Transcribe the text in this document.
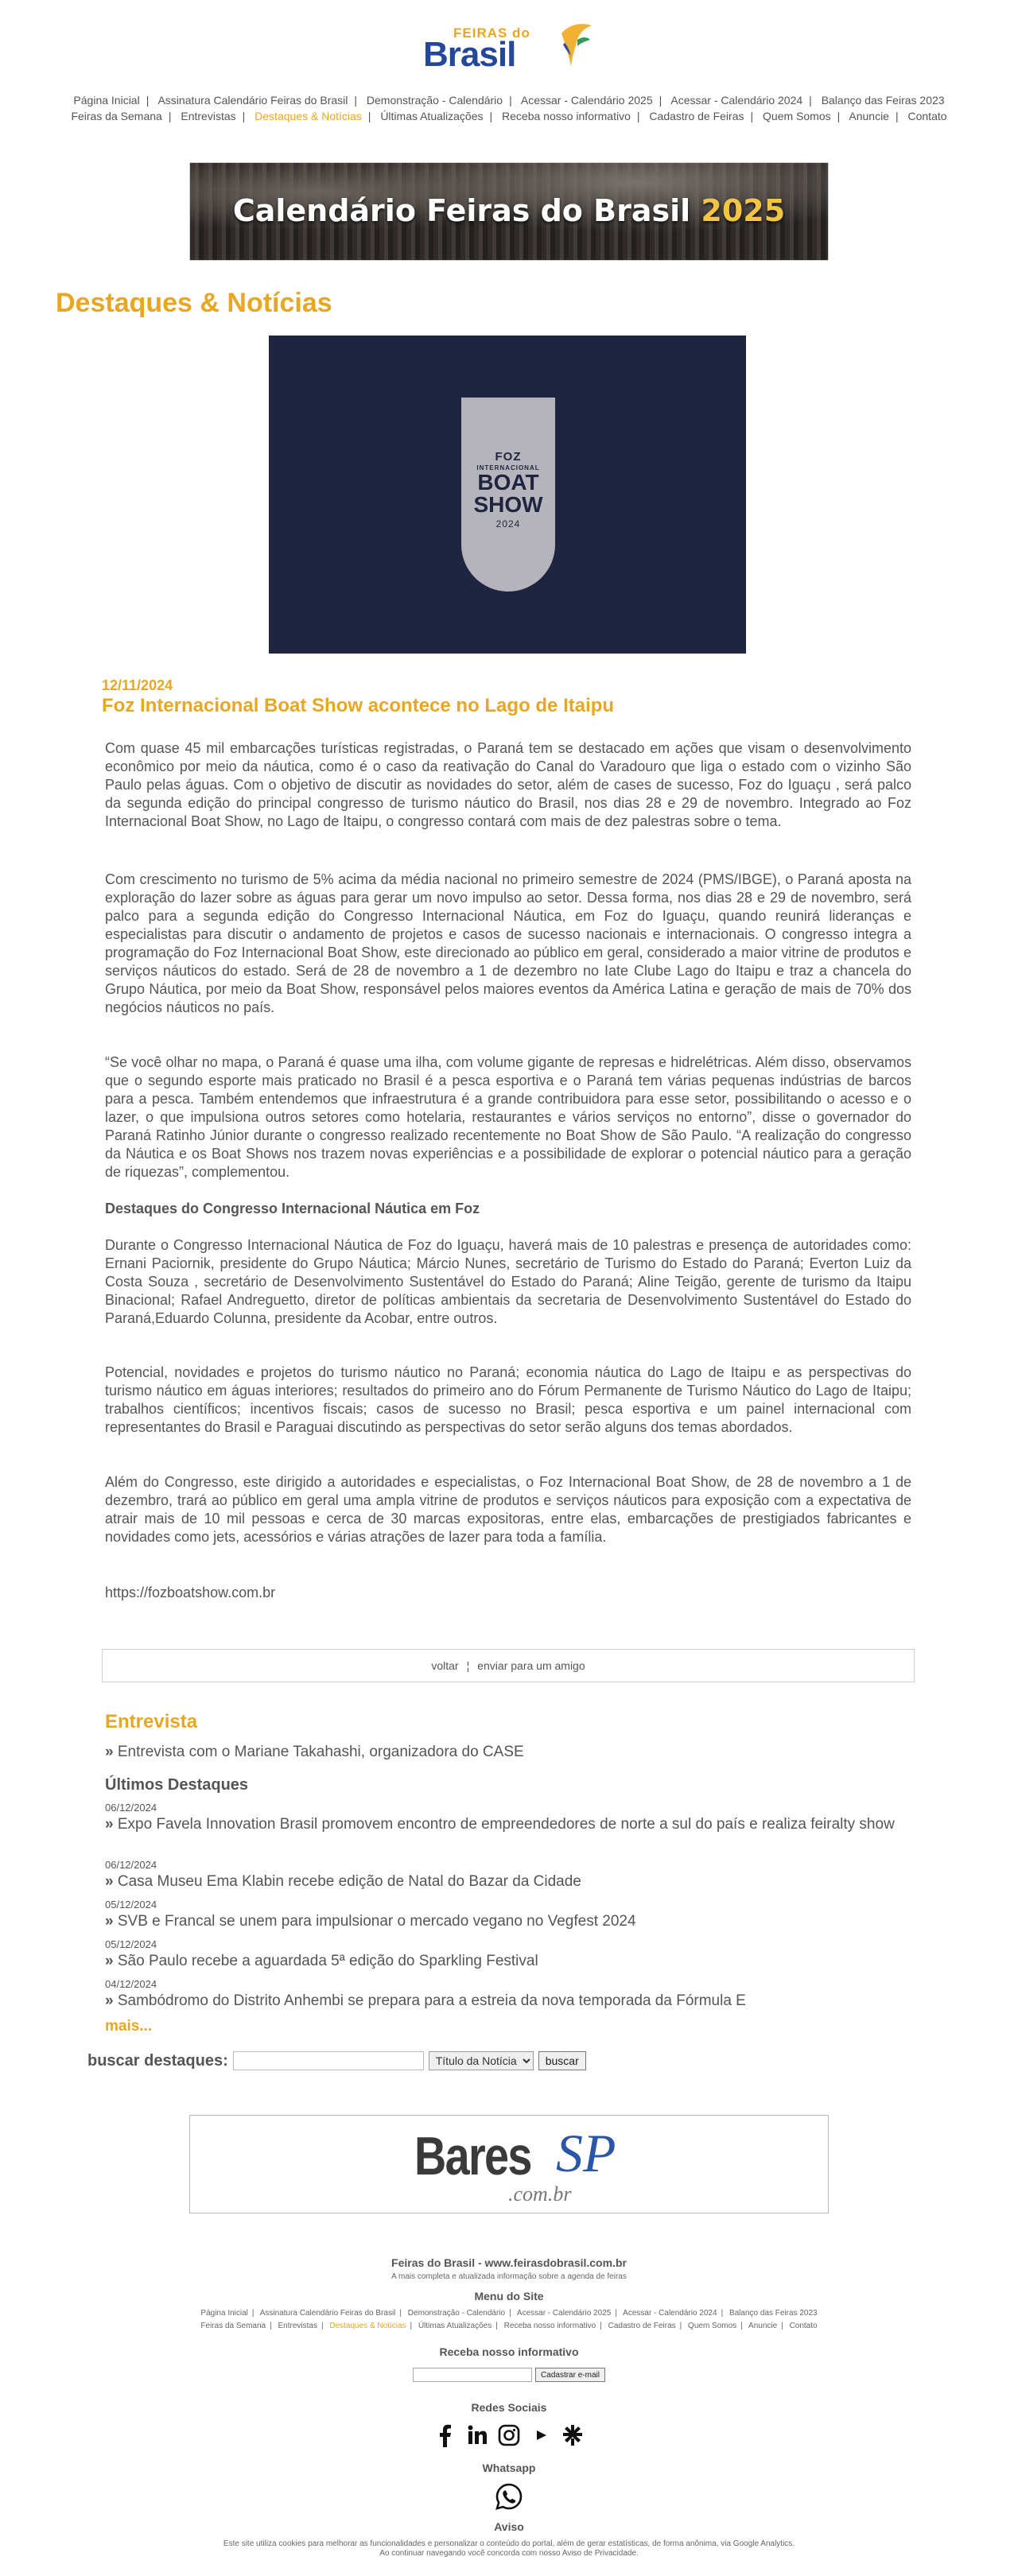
FEIRAS do
Brasil
Página Inicial | Assinatura Calendário Feiras do Brasil | Demonstração - Calendário | Acessar - Calendário 2025 | Acessar - Calendário 2024 | Balanço das Feiras 2023
Feiras da Semana | Entrevistas | Destaques & Notícias | Últimas Atualizações | Receba nosso informativo | Cadastro de Feiras | Quem Somos | Anuncie | Contato
Calendário Feiras do Brasil 2025
Destaques & Notícias
FOZ
INTERNACIONAL
BOAT
SHOW
2024
12/11/2024
Foz Internacional Boat Show acontece no Lago de Itaipu

Com quase 45 mil embarcações turísticas registradas, o Paraná tem se destacado em ações que visam o desenvolvimento econômico por meio da náutica, como é o caso da reativação do Canal do Varadouro que liga o estado com o vizinho São Paulo pelas águas. Com o objetivo de discutir as novidades do setor, além de cases de sucesso, Foz do Iguaçu , será palco da segunda edição do principal congresso de turismo náutico do Brasil, nos dias 28 e 29 de novembro. Integrado ao Foz Internacional Boat Show, no Lago de Itaipu, o congresso contará com mais de dez palestras sobre o tema.

Com crescimento no turismo de 5% acima da média nacional no primeiro semestre de 2024 (PMS/IBGE), o Paraná aposta na exploração do lazer sobre as águas para gerar um novo impulso ao setor. Dessa forma, nos dias 28 e 29 de novembro, será palco para a segunda edição do Congresso Internacional Náutica, em Foz do Iguaçu, quando reunirá lideranças e especialistas para discutir o andamento de projetos e casos de sucesso nacionais e internacionais. O congresso integra a programação do Foz Internacional Boat Show, este direcionado ao público em geral, considerado a maior vitrine de produtos e serviços náuticos do estado. Será de 28 de novembro a 1 de dezembro no Iate Clube Lago do Itaipu e traz a chancela do Grupo Náutica, por meio da Boat Show, responsável pelos maiores eventos da América Latina e geração de mais de 70% dos negócios náuticos no país.

“Se você olhar no mapa, o Paraná é quase uma ilha, com volume gigante de represas e hidrelétricas. Além disso, observamos que o segundo esporte mais praticado no Brasil é a pesca esportiva e o Paraná tem várias pequenas indústrias de barcos para a pesca. Também entendemos que infraestrutura é a grande contribuidora para esse setor, possibilitando o acesso e o lazer, o que impulsiona outros setores como hotelaria, restaurantes e vários serviços no entorno”, disse o governador do Paraná Ratinho Júnior durante o congresso realizado recentemente no Boat Show de São Paulo. “A realização do congresso da Náutica e os Boat Shows nos trazem novas experiências e a possibilidade de explorar o potencial náutico para a geração de riquezas”, complementou.

Destaques do Congresso Internacional Náutica em Foz

Durante o Congresso Internacional Náutica de Foz do Iguaçu, haverá mais de 10 palestras e presença de autoridades como: Ernani Paciornik, presidente do Grupo Náutica; Márcio Nunes, secretário de Turismo do Estado do Paraná; Everton Luiz da Costa Souza , secretário de Desenvolvimento Sustentável do Estado do Paraná; Aline Teigão, gerente de turismo da Itaipu Binacional; Rafael Andreguetto, diretor de políticas ambientais da secretaria de Desenvolvimento Sustentável do Estado do Paraná,Eduardo Colunna, presidente da Acobar, entre outros.

Potencial, novidades e projetos do turismo náutico no Paraná; economia náutica do Lago de Itaipu e as perspectivas do turismo náutico em águas interiores; resultados do primeiro ano do Fórum Permanente de Turismo Náutico do Lago de Itaipu; trabalhos científicos; incentivos fiscais; casos de sucesso no Brasil; pesca esportiva e um painel internacional com representantes do Brasil e Paraguai discutindo as perspectivas do setor serão alguns dos temas abordados.

Além do Congresso, este dirigido a autoridades e especialistas, o Foz Internacional Boat Show, de 28 de novembro a 1 de dezembro, trará ao público em geral uma ampla vitrine de produtos e serviços náuticos para exposição com a expectativa de atrair mais de 10 mil pessoas e cerca de 30 marcas expositoras, entre elas, embarcações de prestigiados fabricantes e novidades como jets, acessórios e várias atrações de lazer para toda a família.

https://fozboatshow.com.br
voltar ¦ enviar para um amigo
Entrevista
» Entrevista com o Mariane Takahashi, organizadora do CASE
Últimos Destaques
06/12/2024
» Expo Favela Innovation Brasil promovem encontro de empreendedores de norte a sul do país e realiza feiralty show
06/12/2024
» Casa Museu Ema Klabin recebe edição de Natal do Bazar da Cidade
05/12/2024
» SVB e Francal se unem para impulsionar o mercado vegano no Vegfest 2024
05/12/2024
» São Paulo recebe a aguardada 5ª edição do Sparkling Festival
04/12/2024
» Sambódromo do Distrito Anhembi se prepara para a estreia da nova temporada da Fórmula E
mais...
buscar destaques:
Título da Notícia	buscar
Bares SP
.com.br
Feiras do Brasil - www.feirasdobrasil.com.br
A mais completa e atualizada informação sobre a agenda de feiras
Menu do Site
Página Inicial | Assinatura Calendário Feiras do Brasil | Demonstração - Calendário | Acessar - Calendário 2025 | Acessar - Calendário 2024 | Balanço das Feiras 2023
Feiras da Semana | Entrevistas | Destaques & Notícias | Últimas Atualizações | Receba nosso informativo | Cadastro de Feiras | Quem Somos | Anuncie | Contato
Receba nosso informativo
Cadastrar e-mail
Redes Sociais
Whatsapp
Aviso
Este site utiliza cookies para melhorar as funcionalidades e personalizar o conteúdo do portal, além de gerar estatísticas, de forma anônima, via Google Analytics.
Ao continuar navegando você concorda com nosso Aviso de Privacidade.
